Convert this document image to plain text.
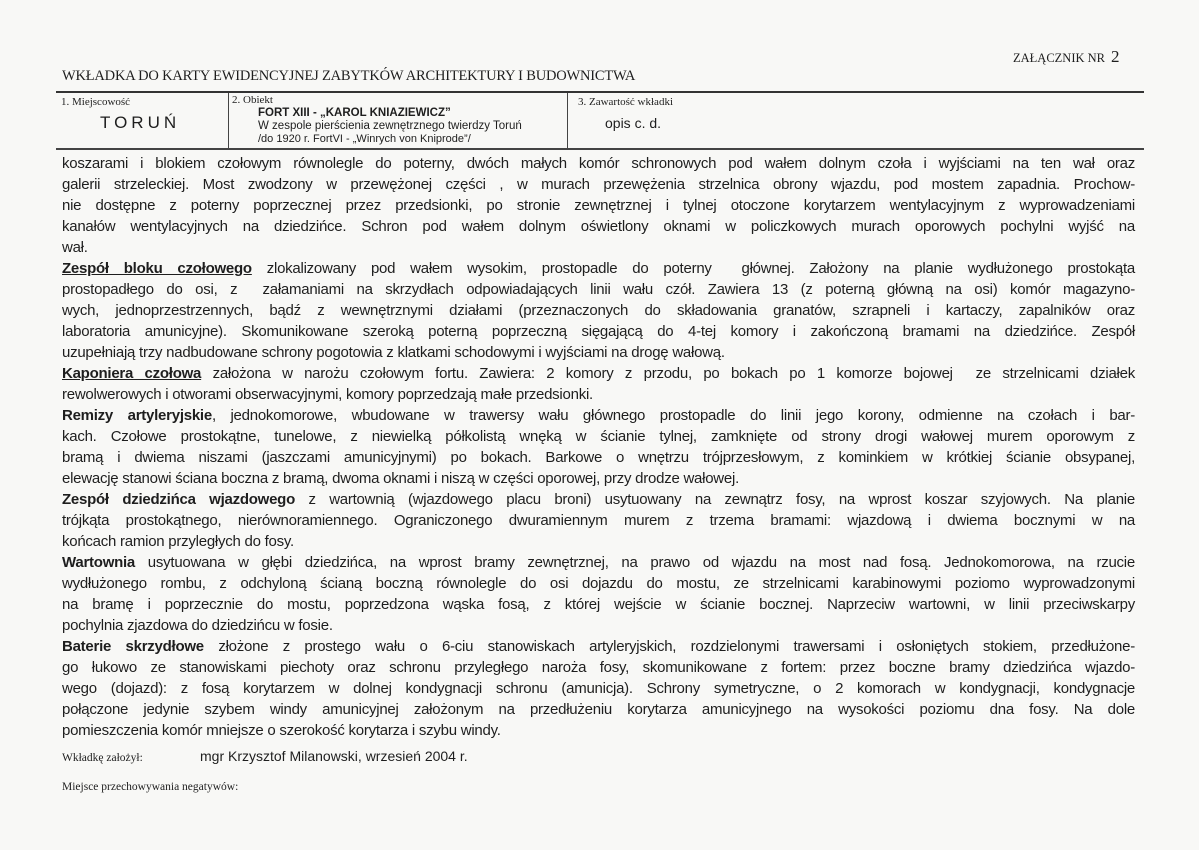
ZAŁĄCZNIK NR 2
WKŁADKA DO KARTY EWIDENCYJNEJ ZABYTKÓW ARCHITEKTURY I BUDOWNICTWA
1. Miejscowość
TORUŃ
2. Obiekt
FORT XIII - „KAROL KNIAZIEWICZ”
W zespole pierścienia zewnętrznego twierdzy Toruń
/do 1920 r. FortVI - „Winrych von Kniprode”/
3. Zawartość wkładki
opis c. d.
koszarami i blokiem czołowym równolegle do poterny, dwóch małych komór schronowych pod wałem dolnym czoła i wyjściami na ten wał oraz
galerii strzeleckiej. Most zwodzony w przewężonej części , w murach przewężenia strzelnica obrony wjazdu, pod mostem zapadnia. Prochow-
nie dostępne z poterny poprzecznej przez przedsionki, po stronie zewnętrznej i tylnej otoczone korytarzem wentylacyjnym z wyprowadzeniami
kanałów wentylacyjnych na dziedzińce. Schron pod wałem dolnym oświetlony oknami w policzkowych murach oporowych pochylni wyjść na
wał.
Zespół bloku czołowego zlokalizowany pod wałem wysokim, prostopadle do poterny  głównej. Założony na planie wydłużonego prostokąta
prostopadłego do osi, z  załamaniami na skrzydłach odpowiadających linii wału czół. Zawiera 13 (z poterną główną na osi) komór magazyno-
wych, jednoprzestrzennych, bądź z wewnętrznymi działami (przeznaczonych do składowania granatów, szrapneli i kartaczy, zapalników oraz
laboratoria amunicyjne). Skomunikowane szeroką poterną poprzeczną sięgającą do 4-tej komory i zakończoną bramami na dziedzińce. Zespół
uzupełniają trzy nadbudowane schrony pogotowia z klatkami schodowymi i wyjściami na drogę wałową.
Kaponiera czołowa założona w narożu czołowym fortu. Zawiera: 2 komory z przodu, po bokach po 1 komorze bojowej  ze strzelnicami działek
rewolwerowych i otworami obserwacyjnymi, komory poprzedzają małe przedsionki.
Remizy artyleryjskie, jednokomorowe, wbudowane w trawersy wału głównego prostopadle do linii jego korony, odmienne na czołach i bar-
kach. Czołowe prostokątne, tunelowe, z niewielką półkolistą wnęką w ścianie tylnej, zamknięte od strony drogi wałowej murem oporowym z
bramą i dwiema niszami (jaszczami amunicyjnymi) po bokach. Barkowe o wnętrzu trójprzesłowym, z kominkiem w krótkiej ścianie obsypanej,
elewację stanowi ściana boczna z bramą, dwoma oknami i niszą w części oporowej, przy drodze wałowej.
Zespół dziedzińca wjazdowego z wartownią (wjazdowego placu broni) usytuowany na zewnątrz fosy, na wprost koszar szyjowych. Na planie
trójkąta prostokątnego, nierównoramiennego. Ograniczonego dwuramiennym murem z trzema bramami: wjazdową i dwiema bocznymi w na
końcach ramion przyległych do fosy.
Wartownia usytuowana w głębi dziedzińca, na wprost bramy zewnętrznej, na prawo od wjazdu na most nad fosą. Jednokomorowa, na rzucie
wydłużonego rombu, z odchyloną ścianą boczną równolegle do osi dojazdu do mostu, ze strzelnicami karabinowymi poziomo wyprowadzonymi
na bramę i poprzecznie do mostu, poprzedzona wąska fosą, z której wejście w ścianie bocznej. Naprzeciw wartowni, w linii przeciwskarpy
pochylnia zjazdowa do dziedzińcu w fosie.
Baterie skrzydłowe złożone z prostego wału o 6-ciu stanowiskach artyleryjskich, rozdzielonymi trawersami i osłoniętych stokiem, przedłużone-
go łukowo ze stanowiskami piechoty oraz schronu przyległego naroża fosy, skomunikowane z fortem: przez boczne bramy dziedzińca wjazdo-
wego (dojazd): z fosą korytarzem w dolnej kondygnacji schronu (amunicja). Schrony symetryczne, o 2 komorach w kondygnacji, kondygnacje
połączone jedynie szybem windy amunicyjnej założonym na przedłużeniu korytarza amunicyjnego na wysokości poziomu dna fosy. Na dole
pomieszczenia komór mniejsze o szerokość korytarza i szybu windy.
Wkładkę założył:	mgr Krzysztof Milanowski, wrzesień 2004 r.
Miejsce przechowywania negatywów:
